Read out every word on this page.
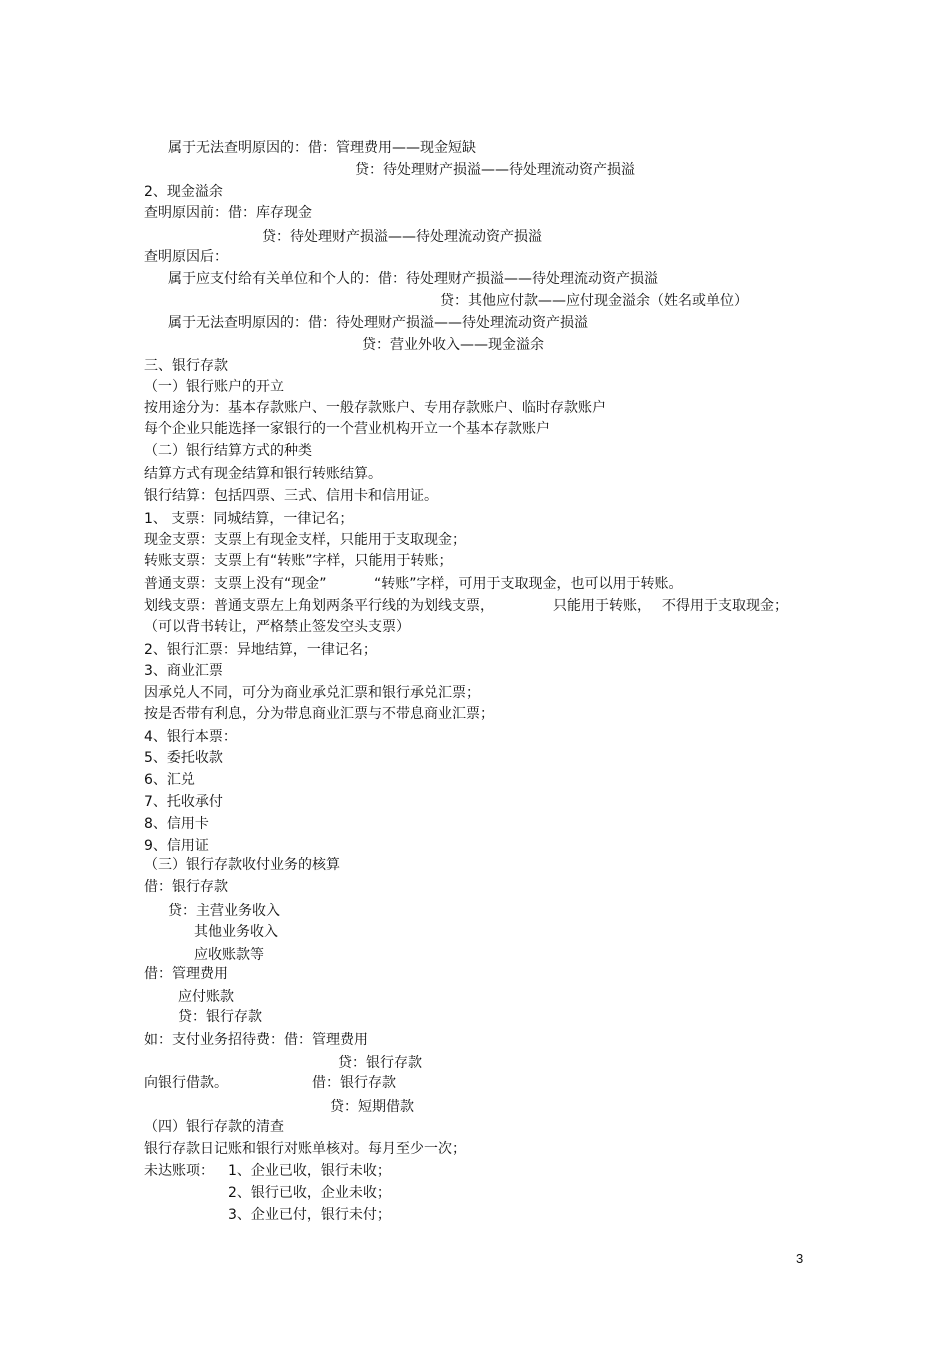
属于无法查明原因的：借：管理费用——现金短缺
贷：待处理财产损溢——待处理流动资产损溢
2、现金溢余
查明原因前：借：库存现金
贷：待处理财产损溢——待处理流动资产损溢
查明原因后：
属于应支付给有关单位和个人的：借：待处理财产损溢——待处理流动资产损溢
贷：其他应付款——应付现金溢余（姓名或单位）
属于无法查明原因的：借：待处理财产损溢——待处理流动资产损溢
贷：营业外收入——现金溢余
三、银行存款
（一）银行账户的开立
按用途分为：基本存款账户、一般存款账户、专用存款账户、临时存款账户
每个企业只能选择一家银行的一个营业机构开立一个基本存款账户
（二）银行结算方式的种类
结算方式有现金结算和银行转账结算。
银行结算：包括四票、三式、信用卡和信用证。
1、 支票：同城结算，一律记名；
现金支票：支票上有现金支样，只能用于支取现金；
转账支票：支票上有“转账”字样，只能用于转账；
普通支票：支票上没有“现金”	“转账”字样，可用于支取现金，也可以用于转账。
划线支票：普通支票左上角划两条平行线的为划线支票，	只能用于转账， 不得用于支取现金；
（可以背书转让，严格禁止签发空头支票）
2、银行汇票：异地结算，一律记名；
3、商业汇票
因承兑人不同，可分为商业承兑汇票和银行承兑汇票；
按是否带有利息，分为带息商业汇票与不带息商业汇票；
4、银行本票：
5、委托收款
6、汇兑
7、托收承付
8、信用卡
9、信用证
（三）银行存款收付业务的核算
借：银行存款
贷：主营业务收入
其他业务收入
应收账款等
借：管理费用
应付账款
贷：银行存款
如：支付业务招待费：借：管理费用
贷：银行存款
向银行借款。	借：银行存款
贷：短期借款
（四）银行存款的清查
银行存款日记账和银行对账单核对。每月至少一次；
未达账项： 1、企业已收，银行未收；
2、银行已收，企业未收；
3、企业已付，银行未付；
3
